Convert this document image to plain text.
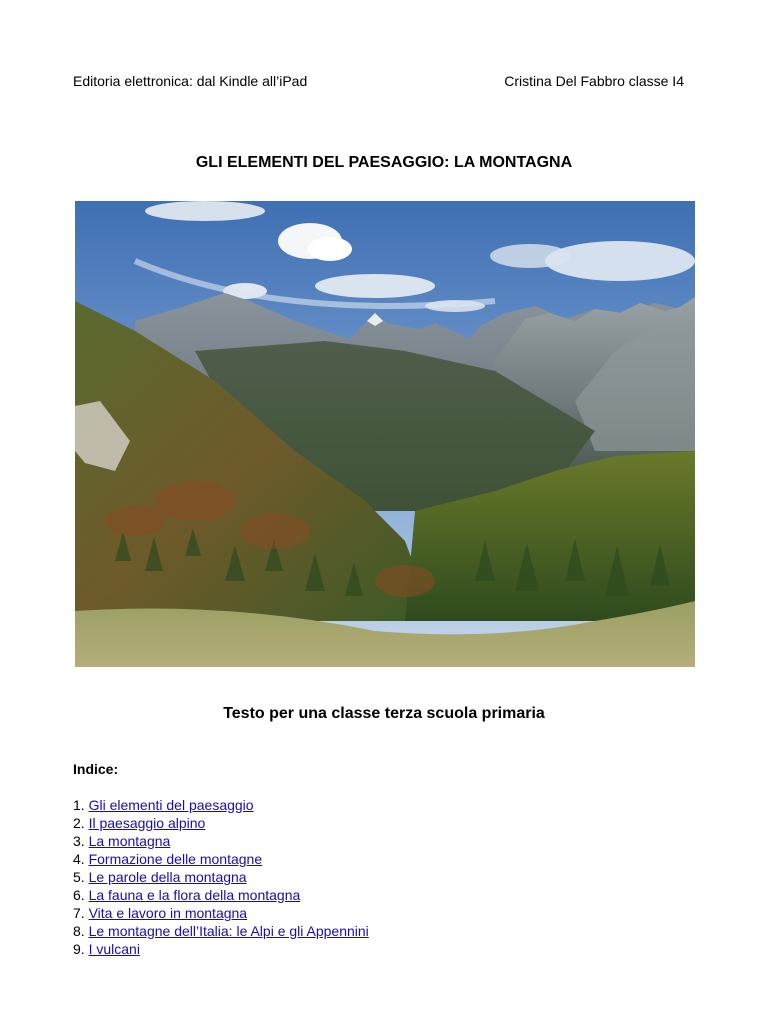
Editoria elettronica: dal Kindle all’iPad	Cristina Del Fabbro classe I4
GLI ELEMENTI DEL PAESAGGIO: LA MONTAGNA
Testo per una classe terza scuola primaria
Indice:
1. Gli elementi del paesaggio
2. Il paesaggio alpino
3. La montagna
4. Formazione delle montagne
5. Le parole della montagna
6. La fauna e la flora della montagna
7. Vita e lavoro in montagna
8. Le montagne dell’Italia: le Alpi e gli Appennini
9. I vulcani
